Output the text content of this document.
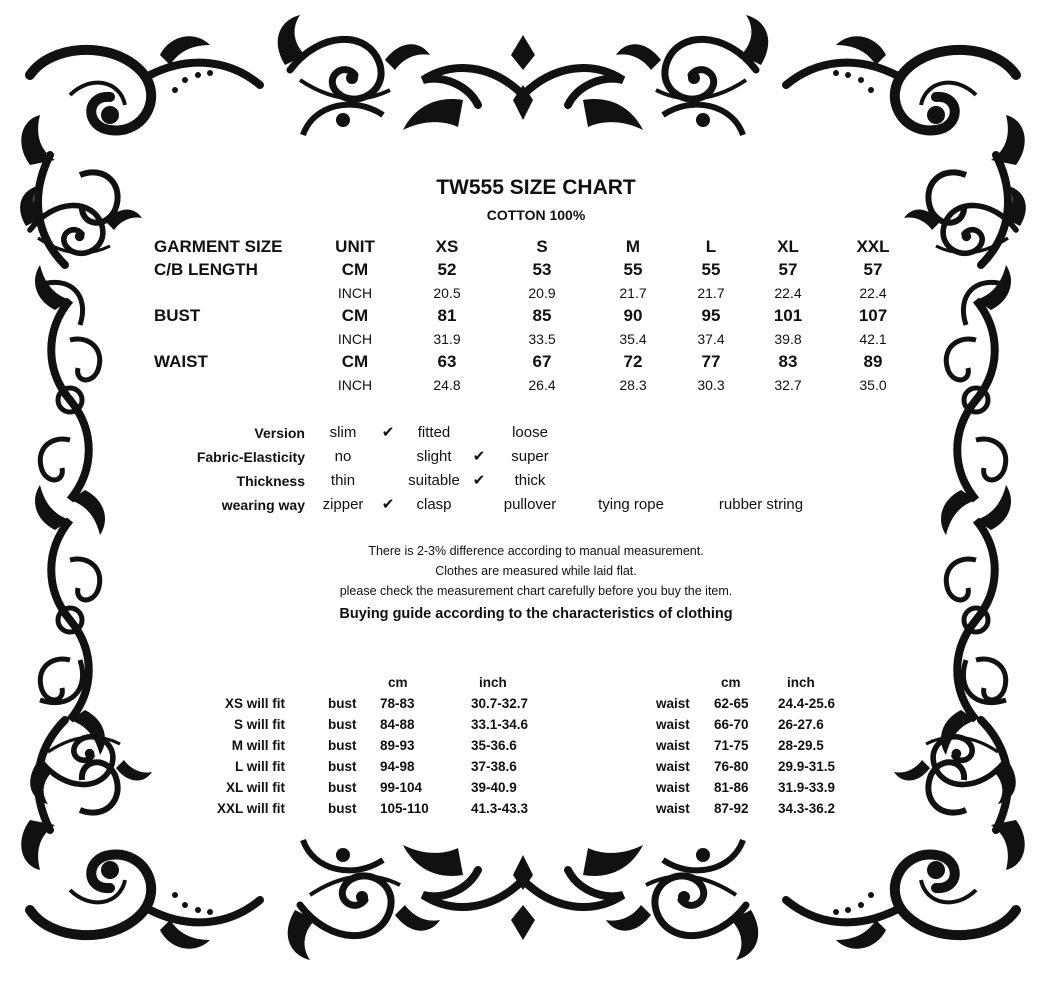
TW555 SIZE CHART
COTTON 100%
GARMENT SIZE	UNIT	XS	S	M	L	XL	XXL
C/B LENGTH	CM	52	53	55	55	57	57
INCH	20.5	20.9	21.7	21.7	22.4	22.4
BUST	CM	81	85	90	95	101	107
INCH	31.9	33.5	35.4	37.4	39.8	42.1
WAIST	CM	63	67	72	77	83	89
INCH	24.8	26.4	28.3	30.3	32.7	35.0
Version slim ✔ fitted	loose
Fabric-Elasticity no	slight ✔ super
Thickness thin	suitable ✔ thick
wearing way zipper ✔ clasp	pullover	tying rope	rubber string
There is 2-3% difference according to manual measurement.
Clothes are measured while laid flat.
please check the measurement chart carefully before you buy the item.
Buying guide according to the characteristics of clothing
cm	inch	cm	inch
XS will fit	bust 78-83	30.7-32.7	waist 62-65 24.4-25.6
S will fit	bust 84-88	33.1-34.6	waist 66-70 26-27.6
M will fit	bust 89-93	35-36.6	waist 71-75 28-29.5
L will fit	bust 94-98	37-38.6	waist 76-80 29.9-31.5
XL will fit	bust 99-104	39-40.9	waist 81-86 31.9-33.9
XXL will fit	bust 105-110	41.3-43.3	waist 87-92 34.3-36.2
